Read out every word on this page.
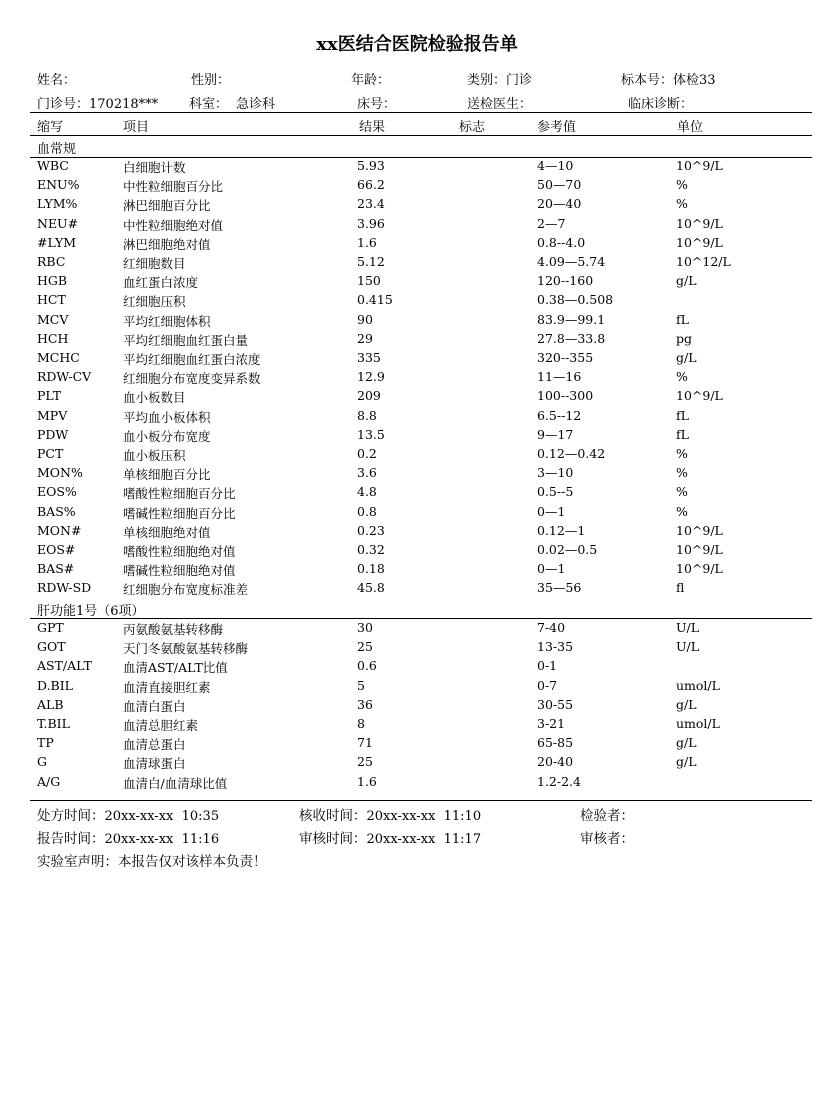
xx医结合医院检验报告单
姓名：	性别：	年龄：	类别：门诊	标本号：体检33
门诊号：170218*** 科室： 急诊科	床号：	送检医生：	临床诊断：
缩写	项目	结果	标志	参考值	单位
血常规
WBC	白细胞计数	5.93	4—10	10^9/L
ENU%	中性粒细胞百分比	66.2	50—70	%
LYM%	淋巴细胞百分比	23.4	20—40	%
NEU#	中性粒细胞绝对值	3.96	2—7	10^9/L
#LYM	淋巴细胞绝对值	1.6	0.8--4.0	10^9/L
RBC	红细胞数目	5.12	4.09—5.74	10^12/L
HGB	血红蛋白浓度	150	120--160	g/L
HCT	红细胞压积	0.415	0.38—0.508
MCV	平均红细胞体积	90	83.9—99.1	fL
HCH	平均红细胞血红蛋白量	29	27.8—33.8	pg
MCHC	平均红细胞血红蛋白浓度	335	320--355	g/L
RDW-CV	红细胞分布宽度变异系数	12.9	11—16	%
PLT	血小板数目	209	100--300	10^9/L
MPV	平均血小板体积	8.8	6.5--12	fL
PDW	血小板分布宽度	13.5	9—17	fL
PCT	血小板压积	0.2	0.12—0.42	%
MON%	单核细胞百分比	3.6	3—10	%
EOS%	嗜酸性粒细胞百分比	4.8	0.5--5	%
BAS%	嗜碱性粒细胞百分比	0.8	0—1	%
MON#	单核细胞绝对值	0.23	0.12—1	10^9/L
EOS#	嗜酸性粒细胞绝对值	0.32	0.02—0.5	10^9/L
BAS#	嗜碱性粒细胞绝对值	0.18	0—1	10^9/L
RDW-SD	红细胞分布宽度标准差	45.8	35—56	fl
肝功能1号（6项）
GPT	丙氨酸氨基转移酶	30	7-40	U/L
GOT	天门冬氨酸氨基转移酶	25	13-35	U/L
AST/ALT 血清AST/ALT比值	0.6	0-1
D.BIL	血清直接胆红素	5	0-7	umol/L
ALB	血清白蛋白	36	30-55	g/L
T.BIL	血清总胆红素	8	3-21	umol/L
TP	血清总蛋白	71	65-85	g/L
G	血清球蛋白	25	20-40	g/L
A/G	血清白/血清球比值	1.6	1.2-2.4
处方时间：20xx-xx-xx  10:35	核收时间：20xx-xx-xx  11:10	检验者：
报告时间：20xx-xx-xx  11:16	审核时间：20xx-xx-xx  11:17	审核者：
实验室声明：本报告仅对该样本负责！
